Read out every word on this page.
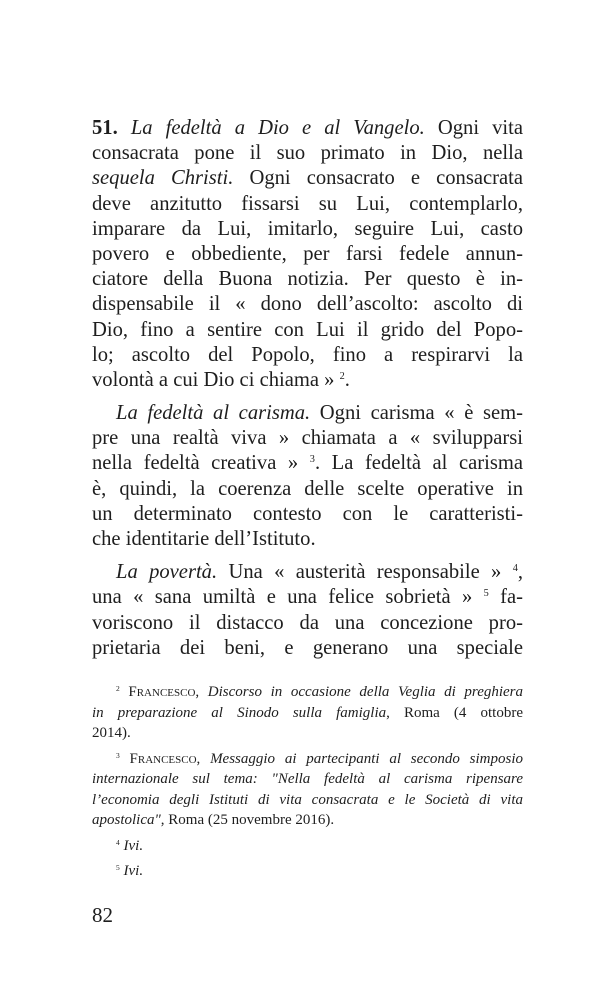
51. La fedeltà a Dio e al Vangelo. Ogni vita
consacrata pone il suo primato in Dio, nella
sequela Christi. Ogni consacrato e consacrata
deve anzitutto fissarsi su Lui, contemplarlo,
imparare da Lui, imitarlo, seguire Lui, casto
povero e obbediente, per farsi fedele annun-
ciatore della Buona notizia. Per questo è in-
dispensabile il « dono dell’ascolto: ascolto di
Dio, fino a sentire con Lui il grido del Popo-
lo; ascolto del Popolo, fino a respirarvi la
volontà a cui Dio ci chiama » $^2$.
La fedeltà al carisma. Ogni carisma « è sem-
pre una realtà viva » chiamata a « svilupparsi
nella fedeltà creativa » $^3$. La fedeltà al carisma
è, quindi, la coerenza delle scelte operative in
un determinato contesto con le caratteristi-
che identitarie dell’Istituto.
La povertà. Una « austerità responsabile » $^4$,
una « sana umiltà e una felice sobrietà » $^5$ fa-
voriscono il distacco da una concezione pro-
prietaria dei beni, e generano una speciale
$^2$ Francesco, Discorso in occasione della Veglia di preghiera
in preparazione al Sinodo sulla famiglia, Roma (4 ottobre
2014).
$^3$ Francesco, Messaggio ai partecipanti al secondo simposio
internazionale sul tema: "Nella fedeltà al carisma ripensare
l’economia degli Istituti di vita consacrata e le Società di vita
apostolica", Roma (25 novembre 2016).
$^4$ Ivi.
$^5$ Ivi.
82
